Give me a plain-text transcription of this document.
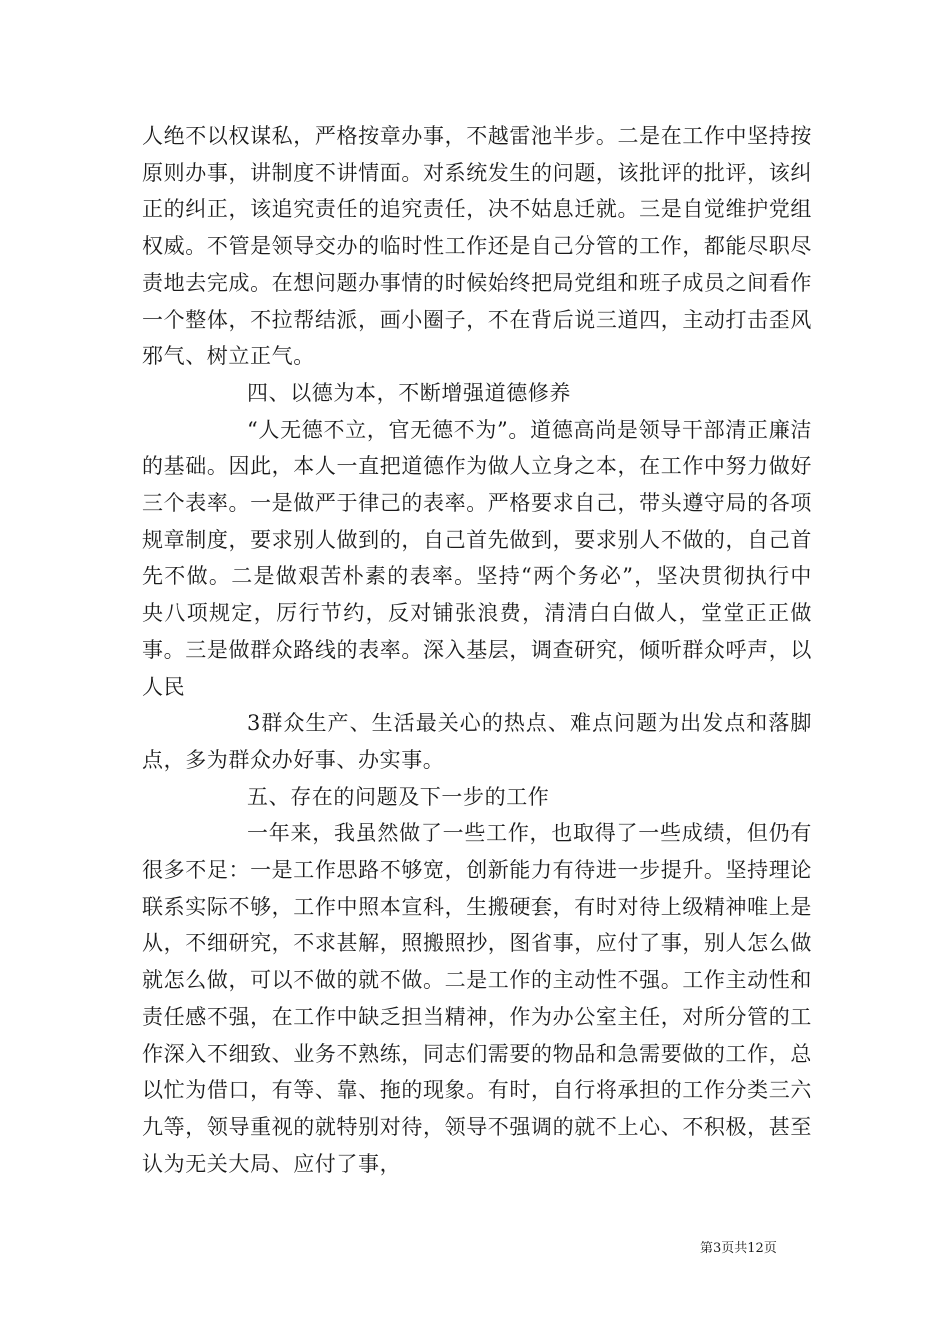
人绝不以权谋私，严格按章办事，不越雷池半步。二是在工作中坚持按原则办事，讲制度不讲情面。对系统发生的问题，该批评的批评，该纠正的纠正，该追究责任的追究责任，决不姑息迁就。三是自觉维护党组权威。不管是领导交办的临时性工作还是自己分管的工作，都能尽职尽责地去完成。在想问题办事情的时候始终把局党组和班子成员之间看作一个整体，不拉帮结派，画小圈子，不在背后说三道四，主动打击歪风邪气、树立正气。

四、以德为本，不断增强道德修养

“人无德不立，官无德不为”。道德高尚是领导干部清正廉洁的基础。因此，本人一直把道德作为做人立身之本，在工作中努力做好三个表率。一是做严于律己的表率。严格要求自己，带头遵守局的各项规章制度，要求别人做到的，自己首先做到，要求别人不做的，自己首先不做。二是做艰苦朴素的表率。坚持“两个务必”，坚决贯彻执行中央八项规定，厉行节约，反对铺张浪费，清清白白做人，堂堂正正做事。三是做群众路线的表率。深入基层，调查研究，倾听群众呼声，以人民

3群众生产、生活最关心的热点、难点问题为出发点和落脚点，多为群众办好事、办实事。

五、存在的问题及下一步的工作

一年来，我虽然做了一些工作，也取得了一些成绩，但仍有很多不足：一是工作思路不够宽，创新能力有待进一步提升。坚持理论联系实际不够，工作中照本宣科，生搬硬套，有时对待上级精神唯上是从，不细研究，不求甚解，照搬照抄，图省事，应付了事，别人怎么做就怎么做，可以不做的就不做。二是工作的主动性不强。工作主动性和责任感不强，在工作中缺乏担当精神，作为办公室主任，对所分管的工作深入不细致、业务不熟练，同志们需要的物品和急需要做的工作，总以忙为借口，有等、靠、拖的现象。有时，自行将承担的工作分类三六九等，领导重视的就特别对待，领导不强调的就不上心、不积极，甚至认为无关大局、应付了事，

第3页共12页
